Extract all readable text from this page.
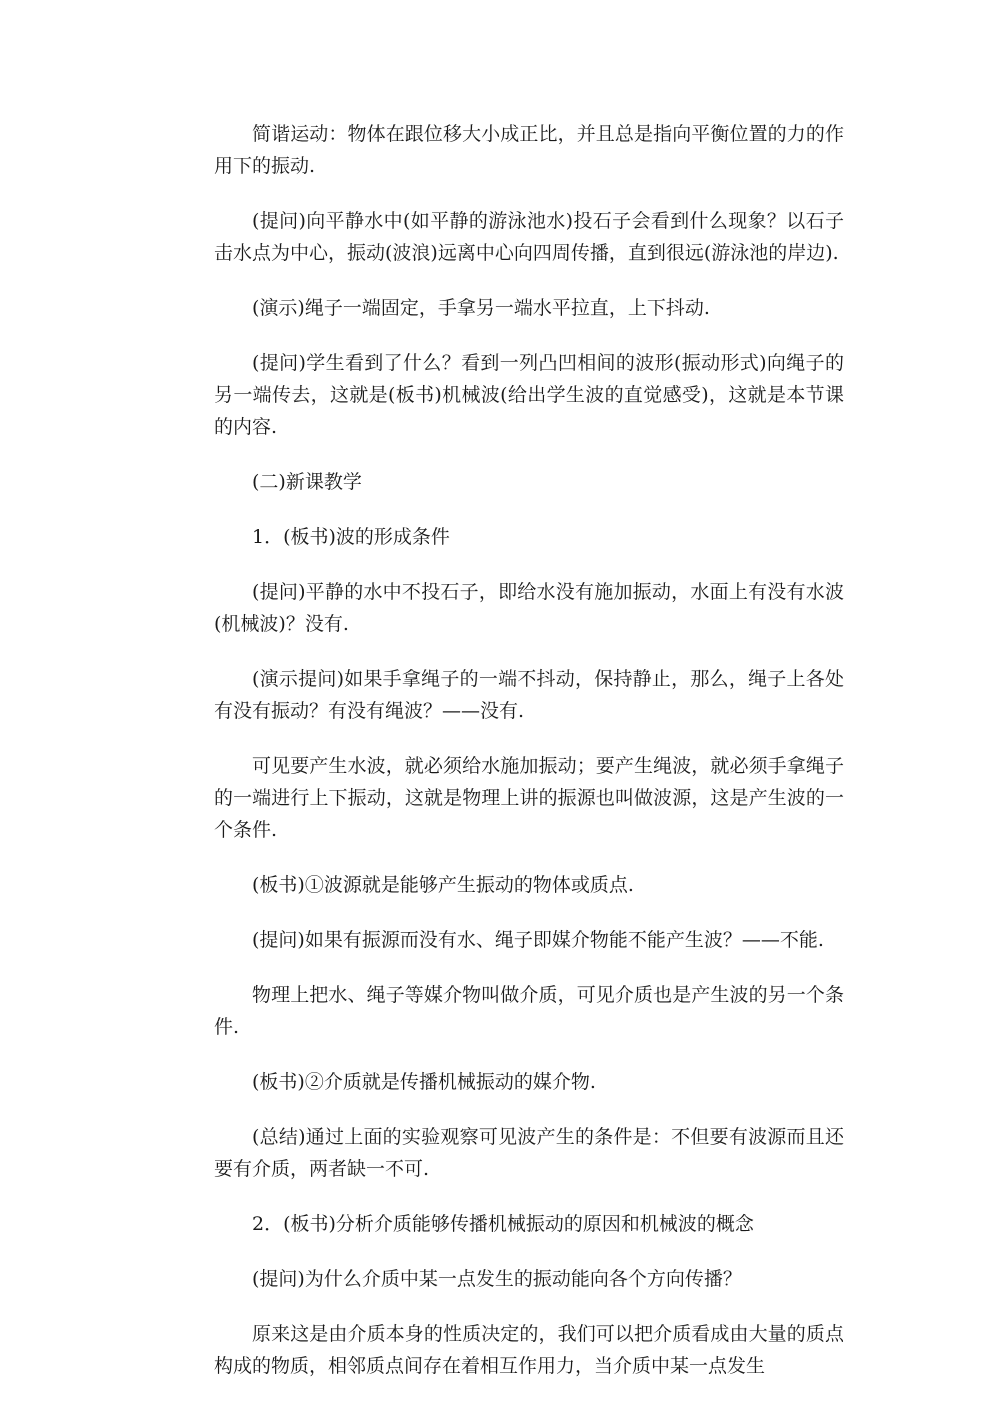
简谐运动：物体在跟位移大小成正比，并且总是指向平衡位置的力的作用下的振动.

(提问)向平静水中(如平静的游泳池水)投石子会看到什么现象？以石子击水点为中心，振动(波浪)远离中心向四周传播，直到很远(游泳池的岸边).

(演示)绳子一端固定，手拿另一端水平拉直，上下抖动.

(提问)学生看到了什么？看到一列凸凹相间的波形(振动形式)向绳子的另一端传去，这就是(板书)机械波(给出学生波的直觉感受)，这就是本节课的内容.

(二)新课教学

1．(板书)波的形成条件

(提问)平静的水中不投石子，即给水没有施加振动，水面上有没有水波(机械波)？没有.

(演示提问)如果手拿绳子的一端不抖动，保持静止，那么，绳子上各处有没有振动？有没有绳波？——没有.

可见要产生水波，就必须给水施加振动；要产生绳波，就必须手拿绳子的一端进行上下振动，这就是物理上讲的振源也叫做波源，这是产生波的一个条件.

(板书)①波源就是能够产生振动的物体或质点.

(提问)如果有振源而没有水、绳子即媒介物能不能产生波？——不能.

物理上把水、绳子等媒介物叫做介质，可见介质也是产生波的另一个条件.

(板书)②介质就是传播机械振动的媒介物.

(总结)通过上面的实验观察可见波产生的条件是：不但要有波源而且还要有介质，两者缺一不可.

2．(板书)分析介质能够传播机械振动的原因和机械波的概念

(提问)为什么介质中某一点发生的振动能向各个方向传播？

原来这是由介质本身的性质决定的，我们可以把介质看成由大量的质点构成的物质，相邻质点间存在着相互作用力，当介质中某一点发生
